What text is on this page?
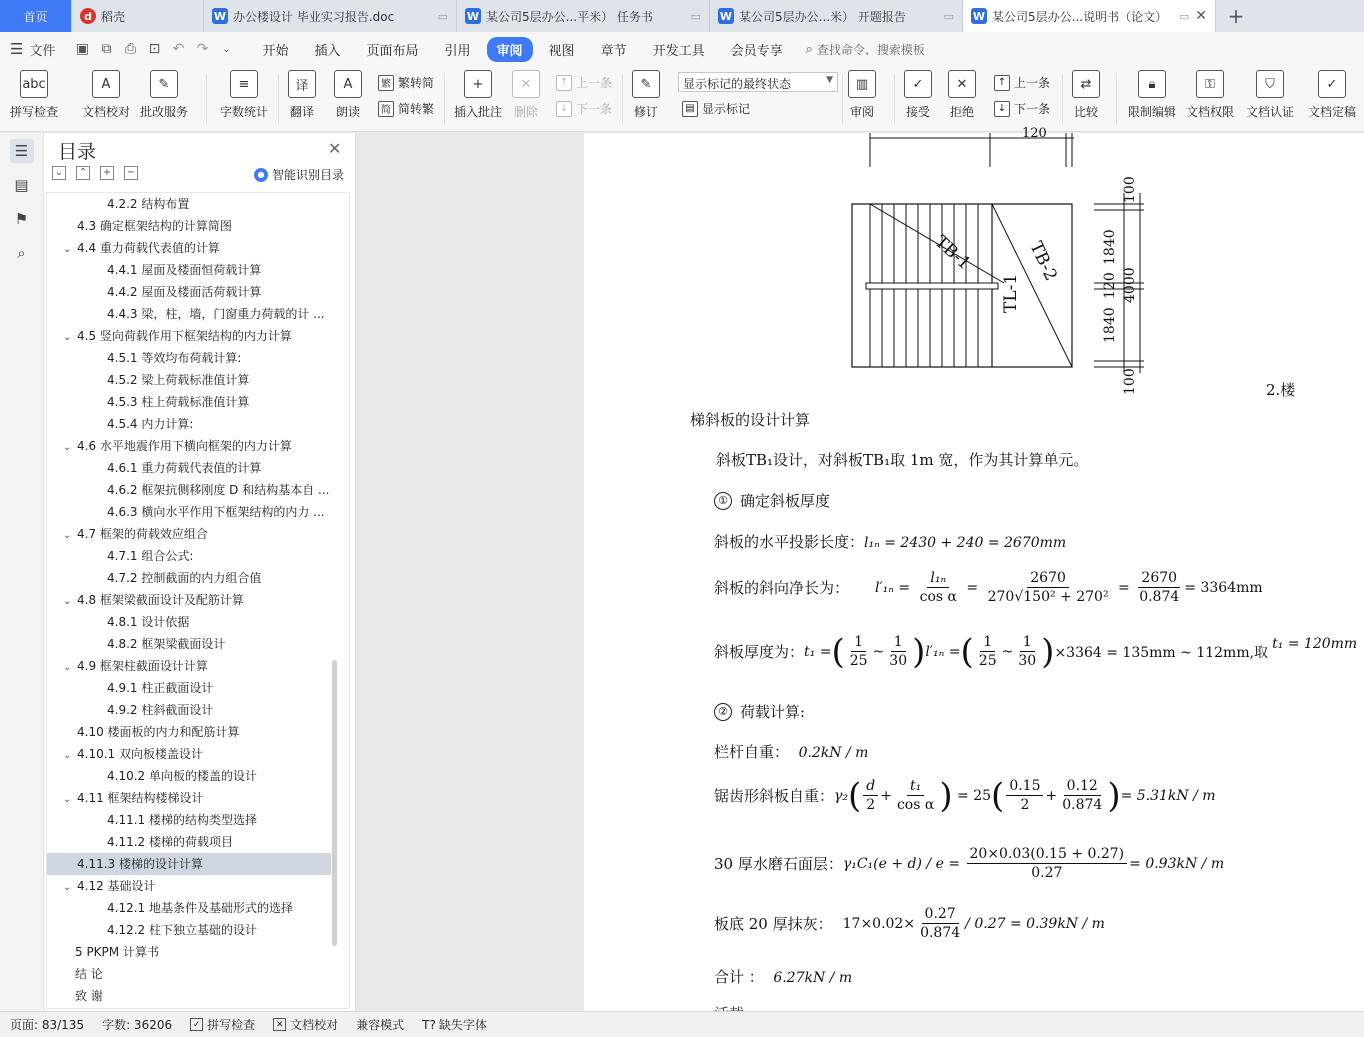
首页	d 稻壳	W 办公楼设计 毕业实习报告.doc	▭ W 某公司5层办公...平米） 任务书	▭ W 某公司5层办公...米） 开题报告	▭ W 某公司5层办公...说明书（论文）	▭ ✕	+
☰ 文件	▣ ⧉ ⎙ ⊡ ↶ ↷	⌄	开始	插入	页面布局	引用	审阅	视图	章节	开发工具	会员专享	⌕ 查找命令、搜索模板
abc
拼写检查
A
文档校对
✎
批改服务
≡
字数统计
译
翻译
A
朗读
繁 繁转简
简 简转繁
+
插入批注
✕
删除
↑ 上一条
↓ 下一条
✎
修订	▤ 显示标记
▥
审阅
✓
接受
✕
拒绝
↑ 上一条
↓ 下一条
⇄
比较
🔒︎
限制编辑
⚿
文档权限
⛉
文档认证
✓
文档定稿
显示标记的最终状态	▼
☰
▤
⚑
⌕
目录	✕
⌄ ⌃ + −	● 智能识别目录
4.2.2 结构布置
4.3 确定框架结构的计算简图
⌄ 4.4 重力荷载代表值的计算
4.4.1 屋面及楼面恒荷载计算
4.4.2 屋面及楼面活荷载计算
4.4.3 梁，柱，墙，门窗重力荷载的计 ...
⌄ 4.5 竖向荷载作用下框架结构的内力计算
4.5.1 等效均布荷载计算:
4.5.2 梁上荷载标准值计算
4.5.3 柱上荷载标准值计算
4.5.4 内力计算:
⌄ 4.6 水平地震作用下横向框架的内力计算
4.6.1 重力荷载代表值的计算
4.6.2 框架抗侧移刚度 D 和结构基本自 ...
4.6.3 横向水平作用下框架结构的内力 ...
⌄ 4.7 框架的荷载效应组合
4.7.1 组合公式:
4.7.2 控制截面的内力组合值
⌄ 4.8 框架梁截面设计及配筋计算
4.8.1 设计依据
4.8.2 框架梁截面设计
⌄ 4.9 框架柱截面设计计算
4.9.1 柱正截面设计
4.9.2 柱斜截面设计
4.10 楼面板的内力和配筋计算
⌄ 4.10.1 双向板楼盖设计
4.10.2 单向板的楼盖的设计
⌄ 4.11 框架结构楼梯设计
4.11.1 楼梯的结构类型选择
4.11.2 楼梯的荷载项目
4.11.3 楼梯的设计计算
⌄ 4.12 基础设计
4.12.1 地基条件及基础形式的选择
4.12.2 柱下独立基础的设计
5 PKPM 计算书
结 论
致 谢
120
TB-1	TB-2
TL-1
100
1840
120
1840
4000
100	2.楼
梯斜板的设计计算
斜板TB₁设计，对斜板TB₁取 1m 宽，作为其计算单元。
① 确定斜板厚度
斜板的水平投影长度：l₁ₙ = 2430 + 240 = 2670mm
斜板的斜向净长为： $l'_{1n} = \frac{\text{l₁ₙ}}{\text{cos α}} = \frac{2670}{\text{270√150² + 270²}} = \frac{2670}{0.874} = 3364mm$
斜板厚度为： t₁ = ( $\frac{1}{25}$ ~ $\frac{1}{30}$ ) l′₁ₙ = ( $\frac{1}{25}$ ~ $\frac{1}{30}$ ) ×3364 = 135mm ~ 112mm,取
t₁ = 120mm
② 荷载计算:
栏杆自重： 0.2kN / m
锯齿形斜板自重： γ₂ ( $\frac{d}{2} + \frac{\text{t₁}}{\text{cos α}}$ ) = 25 ( $\frac{0.15}{2} + \frac{0.12}{0.874}$ ) = 5.31kN / m
30 厚水磨石面层： $\gamma_1C_1(e + d) / e = \frac{20\times 0.03(0.15 + 0.27)}{0.27} = 0.93kN / m$
板底 20 厚抹灰： $17\times 0.02\times \frac{0.27}{0.874} / 0.27 = 0.39kN / m$
合计 ： 6.27kN / m
页面: 83/135 字数: 36206	✓ 拼写检查	✕ 文档校对 兼容模式 T? 缺失字体
